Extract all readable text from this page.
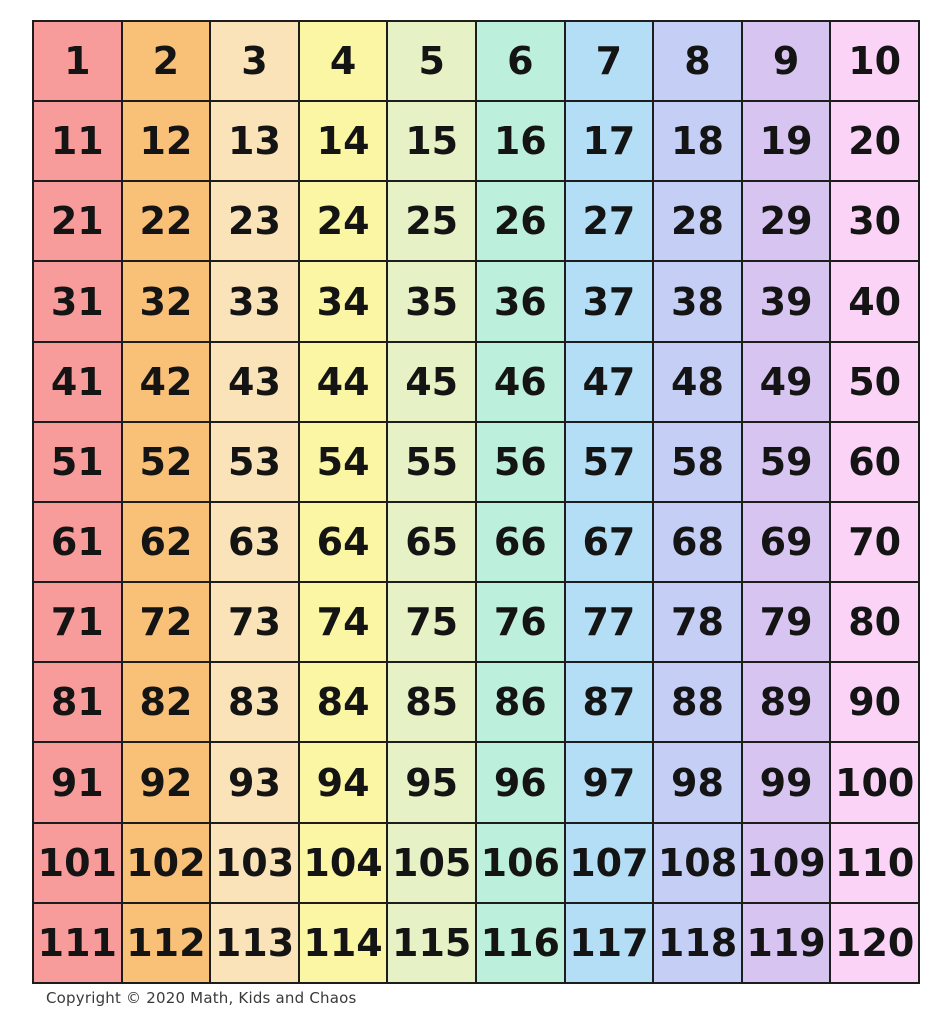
1	2	3	4	5	6	7	8	9	10
11 12 13 14 15 16 17 18 19 20
21 22 23 24 25 26 27 28 29 30
31 32 33 34 35 36 37 38 39 40
41 42 43 44 45 46 47 48 49 50
51 52 53 54 55 56 57 58 59 60
61 62 63 64 65 66 67 68 69 70
71 72 73 74 75 76 77 78 79 80
81 82 83 84 85 86 87 88 89 90
91 92 93 94 95 96 97 98 99 100
101 102 103 104 105 106 107 108 109 110
111 112 113 114 115 116 117 118 119 120
Copyright © 2020 Math, Kids and Chaos
